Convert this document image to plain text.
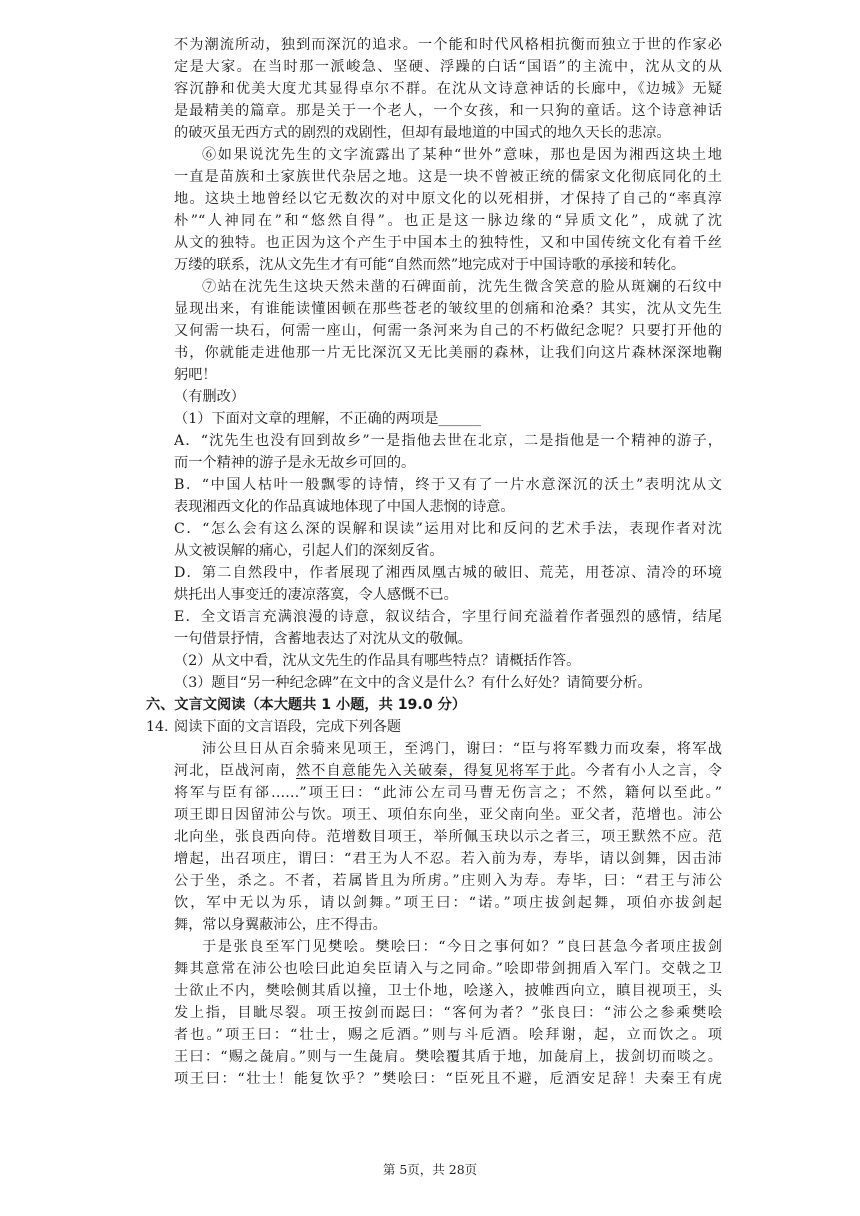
不为潮流所动，独到而深沉的追求。一个能和时代风格相抗衡而独立于世的作家必
定是大家。在当时那一派峻急、坚硬、浮躁的白话“国语”的主流中，沈从文的从
容沉静和优美大度尤其显得卓尔不群。在沈从文诗意神话的长廊中，《边城》无疑
是最精美的篇章。那是关于一个老人，一个女孩，和一只狗的童话。这个诗意神话
的破灭虽无西方式的剧烈的戏剧性，但却有最地道的中国式的地久天长的悲凉。
⑥如果说沈先生的文字流露出了某种“世外”意味，那也是因为湘西这块土地
一直是苗族和土家族世代杂居之地。这是一块不曾被正统的儒家文化彻底同化的土
地。这块土地曾经以它无数次的对中原文化的以死相拼，才保持了自己的“率真淳
朴”“人神同在”和“悠然自得”。也正是这一脉边缘的“异质文化”，成就了沈
从文的独特。也正因为这个产生于中国本土的独特性，又和中国传统文化有着千丝
万缕的联系，沈从文先生才有可能“自然而然”地完成对于中国诗歌的承接和转化。
⑦站在沈先生这块天然未凿的石碑面前，沈先生微含笑意的脸从斑斓的石纹中
显现出来，有谁能读懂困顿在那些苍老的皱纹里的创痛和沧桑？其实，沈从文先生
又何需一块石，何需一座山，何需一条河来为自己的不朽做纪念呢？只要打开他的
书，你就能走进他那一片无比深沉又无比美丽的森林，让我们向这片森林深深地鞠
躬吧！
（有删改）
（1）下面对文章的理解，不正确的两项是______
A．“沈先生也没有回到故乡”一是指他去世在北京，二是指他是一个精神的游子，
而一个精神的游子是永无故乡可回的。
B．“中国人枯叶一般飘零的诗情，终于又有了一片水意深沉的沃土”表明沈从文
表现湘西文化的作品真诚地体现了中国人悲悯的诗意。
C．“怎么会有这么深的误解和误读”运用对比和反问的艺术手法，表现作者对沈
从文被误解的痛心，引起人们的深刻反省。
D．第二自然段中，作者展现了湘西凤凰古城的破旧、荒芜，用苍凉、清冷的环境
烘托出人事变迁的凄凉落寞，令人感慨不已。
E．全文语言充满浪漫的诗意，叙议结合，字里行间充溢着作者强烈的感情，结尾
一句借景抒情，含蓄地表达了对沈从文的敬佩。
（2）从文中看，沈从文先生的作品具有哪些特点？请概括作答。
（3）题目“另一种纪念碑”在文中的含义是什么？有什么好处？请简要分析。
六、文言文阅读（本大题共 1 小题，共 19.0 分）
14. 阅读下面的文言语段，完成下列各题
沛公旦日从百余骑来见项王，至鸿门，谢曰：“臣与将军戮力而攻秦，将军战
河北，臣战河南，然不自意能先入关破秦，得复见将军于此。今者有小人之言，令
将军与臣有郤……”项王曰：“此沛公左司马曹无伤言之；不然，籍何以至此。”
项王即日因留沛公与饮。项王、项伯东向坐，亚父南向坐。亚父者，范增也。沛公
北向坐，张良西向侍。范增数目项王，举所佩玉玦以示之者三，项王默然不应。范
增起，出召项庄，谓曰：“君王为人不忍。若入前为寿，寿毕，请以剑舞，因击沛
公于坐，杀之。不者，若属皆且为所虏。”庄则入为寿。寿毕，曰：“君王与沛公
饮，军中无以为乐，请以剑舞。”项王曰：“诺。”项庄拔剑起舞，项伯亦拔剑起
舞，常以身翼蔽沛公，庄不得击。
于是张良至军门见樊哙。樊哙曰：“今日之事何如？”良曰甚急今者项庄拔剑
舞其意常在沛公也哙曰此迫矣臣请入与之同命。”哙即带剑拥盾入军门。交戟之卫
士欲止不内，樊哙侧其盾以撞，卫士仆地，哙遂入，披帷西向立，瞋目视项王，头
发上指，目眦尽裂。项王按剑而跽曰：“客何为者？”张良曰：“沛公之参乘樊哙
者也。”项王曰：“壮士，赐之卮酒。”则与斗卮酒。哙拜谢，起，立而饮之。项
王曰：“赐之彘肩。”则与一生彘肩。樊哙覆其盾于地，加彘肩上，拔剑切而啖之。
项王曰：“壮士！能复饮乎？”樊哙曰：“臣死且不避，卮酒安足辞！夫秦王有虎
第 5页，共 28页
